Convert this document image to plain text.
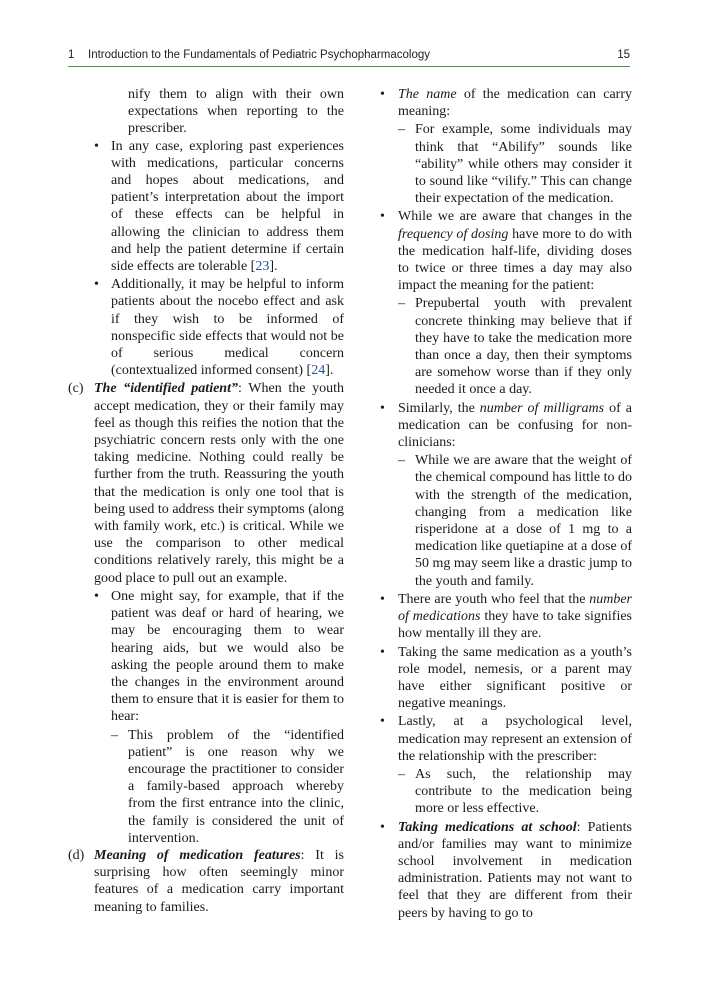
1 Introduction to the Fundamentals of Pediatric Psychopharmacology	15
nify them to align with their own expectations when reporting to the prescriber.
• In any case, exploring past experiences with medications, particular concerns and hopes about medications, and patient’s interpretation about the import of these effects can be helpful in allowing the clinician to address them and help the patient determine if certain side effects are tolerable [23].
• Additionally, it may be helpful to inform patients about the nocebo effect and ask if they wish to be informed of nonspecific side effects that would not be of serious medical concern (contextualized informed consent) [24].
(c) The “identified patient”: When the youth accept medication, they or their family may feel as though this reifies the notion that the psychiatric concern rests only with the one taking medicine. Nothing could really be further from the truth. Reassuring the youth that the medication is only one tool that is being used to address their symptoms (along with family work, etc.) is critical. While we use the comparison to other medical conditions relatively rarely, this might be a good place to pull out an example.
• One might say, for example, that if the patient was deaf or hard of hearing, we may be encouraging them to wear hearing aids, but we would also be asking the people around them to make the changes in the environment around them to ensure that it is easier for them to hear:
– This problem of the “identified patient” is one reason why we encourage the practitioner to consider a family-based approach whereby from the first entrance into the clinic, the family is considered the unit of intervention.
(d) Meaning of medication features: It is surprising how often seemingly minor features of a medication carry important meaning to families.
• The name of the medication can carry meaning:
– For example, some individuals may think that “Abilify” sounds like “ability” while others may consider it to sound like “vilify.” This can change their expectation of the medication.
• While we are aware that changes in the frequency of dosing have more to do with the medication half-life, dividing doses to twice or three times a day may also impact the meaning for the patient:
– Prepubertal youth with prevalent concrete thinking may believe that if they have to take the medication more than once a day, then their symptoms are somehow worse than if they only needed it once a day.
• Similarly, the number of milligrams of a medication can be confusing for non-clinicians:
– While we are aware that the weight of the chemical compound has little to do with the strength of the medication, changing from a medication like risperidone at a dose of 1 mg to a medication like quetiapine at a dose of 50 mg may seem like a drastic jump to the youth and family.
• There are youth who feel that the number of medications they have to take signifies how mentally ill they are.
• Taking the same medication as a youth’s role model, nemesis, or a parent may have either significant positive or negative meanings.
• Lastly, at a psychological level, medication may represent an extension of the relationship with the prescriber:
– As such, the relationship may contribute to the medication being more or less effective.
• Taking medications at school: Patients and/or families may want to minimize school involvement in medication administration. Patients may not want to feel that they are different from their peers by having to go to
